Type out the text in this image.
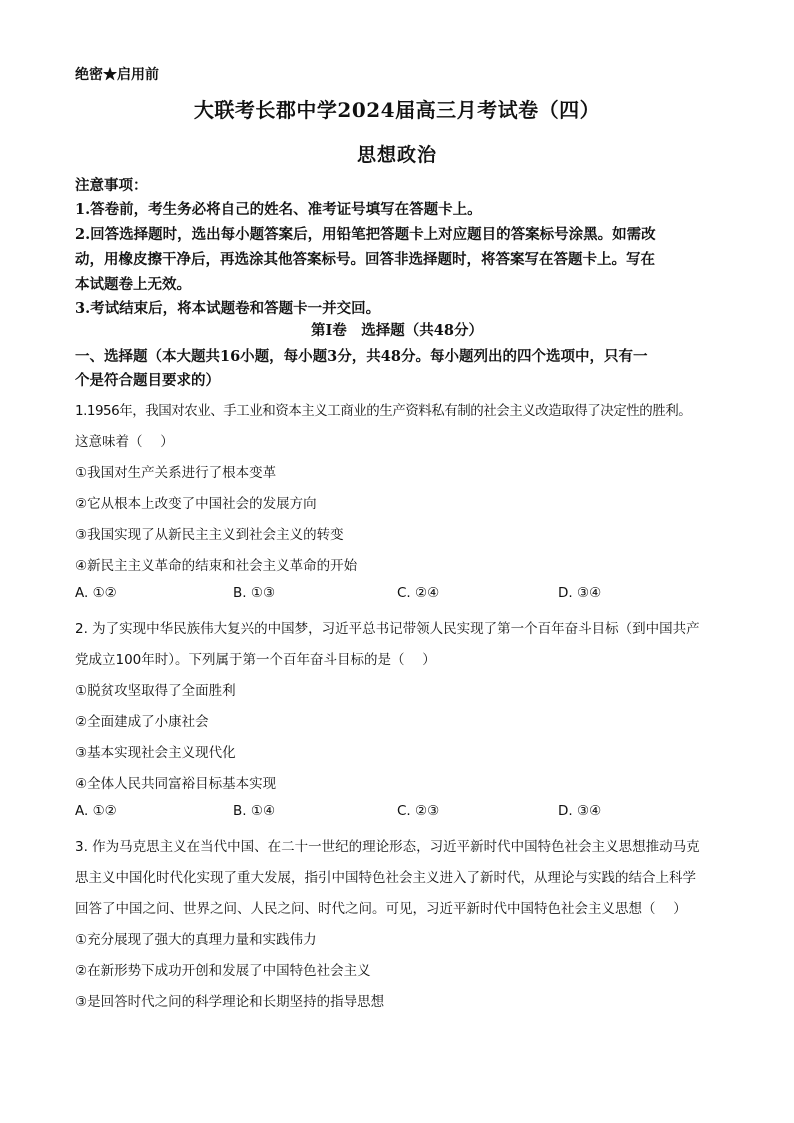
绝密★启用前
大联考长郡中学2024届高三月考试卷（四）
思想政治
注意事项：
1.答卷前，考生务必将自己的姓名、准考证号填写在答题卡上。
2.回答选择题时，选出每小题答案后，用铅笔把答题卡上对应题目的答案标号涂黑。如需改
动，用橡皮擦干净后，再选涂其他答案标号。回答非选择题时，将答案写在答题卡上。写在
本试题卷上无效。
3.考试结束后，将本试题卷和答题卡一并交回。
第Ⅰ卷　选择题（共48分）
一、选择题（本大题共16小题，每小题3分，共48分。每小题列出的四个选项中，只有一
个是符合题目要求的）
1.1956年，我国对农业、手工业和资本主义工商业的生产资料私有制的社会主义改造取得了决定性的胜利。
这意味着（　 ）
①我国对生产关系进行了根本变革
②它从根本上改变了中国社会的发展方向
③我国实现了从新民主主义到社会主义的转变
④新民主主义革命的结束和社会主义革命的开始
A. ①②	B. ①③	C. ②④	D. ③④
2. 为了实现中华民族伟大复兴的中国梦，习近平总书记带领人民实现了第一个百年奋斗目标（到中国共产
党成立100年时）。下列属于第一个百年奋斗目标的是（　 ）
①脱贫攻坚取得了全面胜利
②全面建成了小康社会
③基本实现社会主义现代化
④全体人民共同富裕目标基本实现
A. ①②	B. ①④	C. ②③	D. ③④
3. 作为马克思主义在当代中国、在二十一世纪的理论形态，习近平新时代中国特色社会主义思想推动马克
思主义中国化时代化实现了重大发展，指引中国特色社会主义进入了新时代，从理论与实践的结合上科学
回答了中国之问、世界之问、人民之问、时代之问。可见，习近平新时代中国特色社会主义思想（　 ）
①充分展现了强大的真理力量和实践伟力
②在新形势下成功开创和发展了中国特色社会主义
③是回答时代之问的科学理论和长期坚持的指导思想
